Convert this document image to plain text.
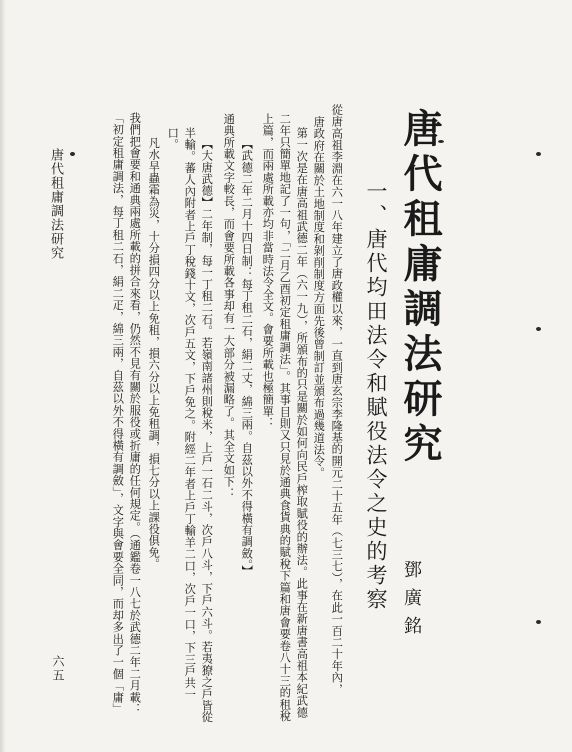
唐代租庸調法研究
一、唐代均田法令和賦役法令之史的考察 鄧廣銘
從唐高祖李淵在六一八年建立了唐政權以來，一直到唐玄宗李隆基的開元二十五年（七三七），在此一百二十年內，
唐政府在關於土地制度和剝削制度方面先後曾制訂並頒布過幾道法令。
第一次是在唐高祖武德二年（六一九），所頒布的只是關於如何向民戶榨取賦役的辦法。此事在新唐書高祖本紀武德
二年只簡單地記了一句，「二月乙酉初定租庸調法」。其事目則又只見於通典食貨典的賦稅下篇和唐會要卷八十三的租稅
上篇，而兩處所載亦均非當時法令全文。會要所載也極簡單：
【武德二年二月十四日制：每丁租二石，絹二丈，綿三兩。自茲以外不得橫有調斂。】
通典所載文字較長，而會要所載各事却有一大部分被漏略了。其全文如下：
【大唐武德】二年制，每一丁租二石。若嶺南諸州則稅米，上戶一石二斗，次戶八斗，下戶六斗。若夷獠之戶皆從
半輸。蕃人內附者上戶丁稅錢十文，次戶五文，下戶免之。附經二年者上戶丁輸羊二口，次戶一口，下三戶共一
口。
凡水旱蟲霜為災，十分損四分以上免租，損六分以上免租調，損七分以上課役俱免。
我們把會要和通典兩處所載的拼合來看，仍然不見有關於服役或折庸的任何規定。（通鑑卷一八七於武德二年二月載：
「初定租庸調法，每丁租二石，絹二疋，綿三兩，自茲以外不得橫有調斂」，文字與會要全同，而却多出了一個「庸」
唐代租庸調法研究
六五
